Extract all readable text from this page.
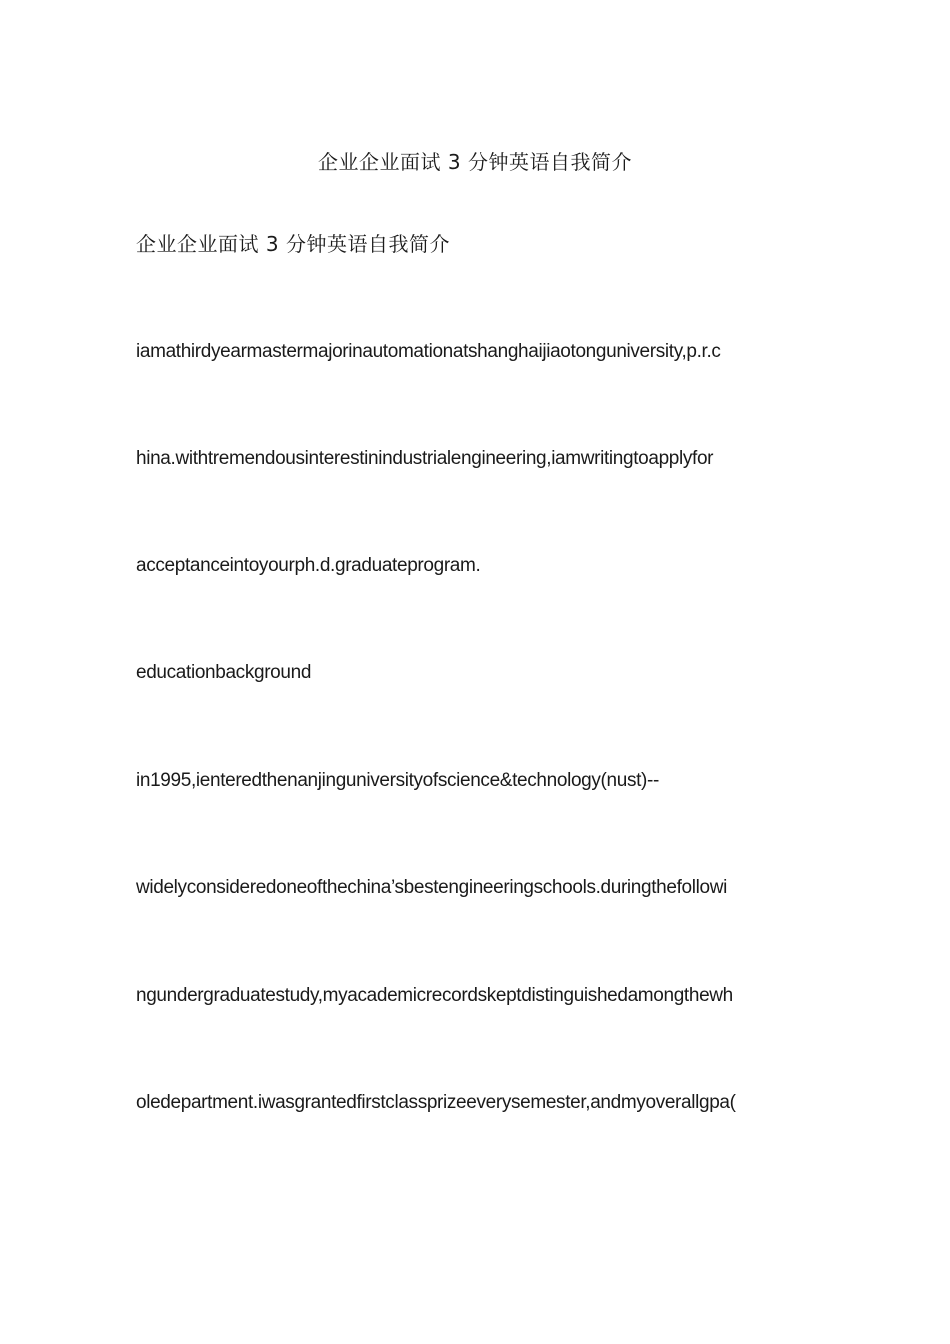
企业企业面试 3 分钟英语自我简介
企业企业面试 3 分钟英语自我简介
iamathirdyearmastermajorinautomationatshanghaijiaotonguniversity,p.r.c
hina.withtremendousinterestinindustrialengineering,iamwritingtoapplyfor
acceptanceintoyourph.d.graduateprogram.
educationbackground
in1995,ienteredthenanjinguniversityofscience&technology(nust)--
widelyconsideredoneofthechina’sbestengineeringschools.duringthefollowi
ngundergraduatestudy,myacademicrecordskeptdistinguishedamongthewh
oledepartment.iwasgrantedfirstclassprizeeverysemester,andmyoverallgpa(
